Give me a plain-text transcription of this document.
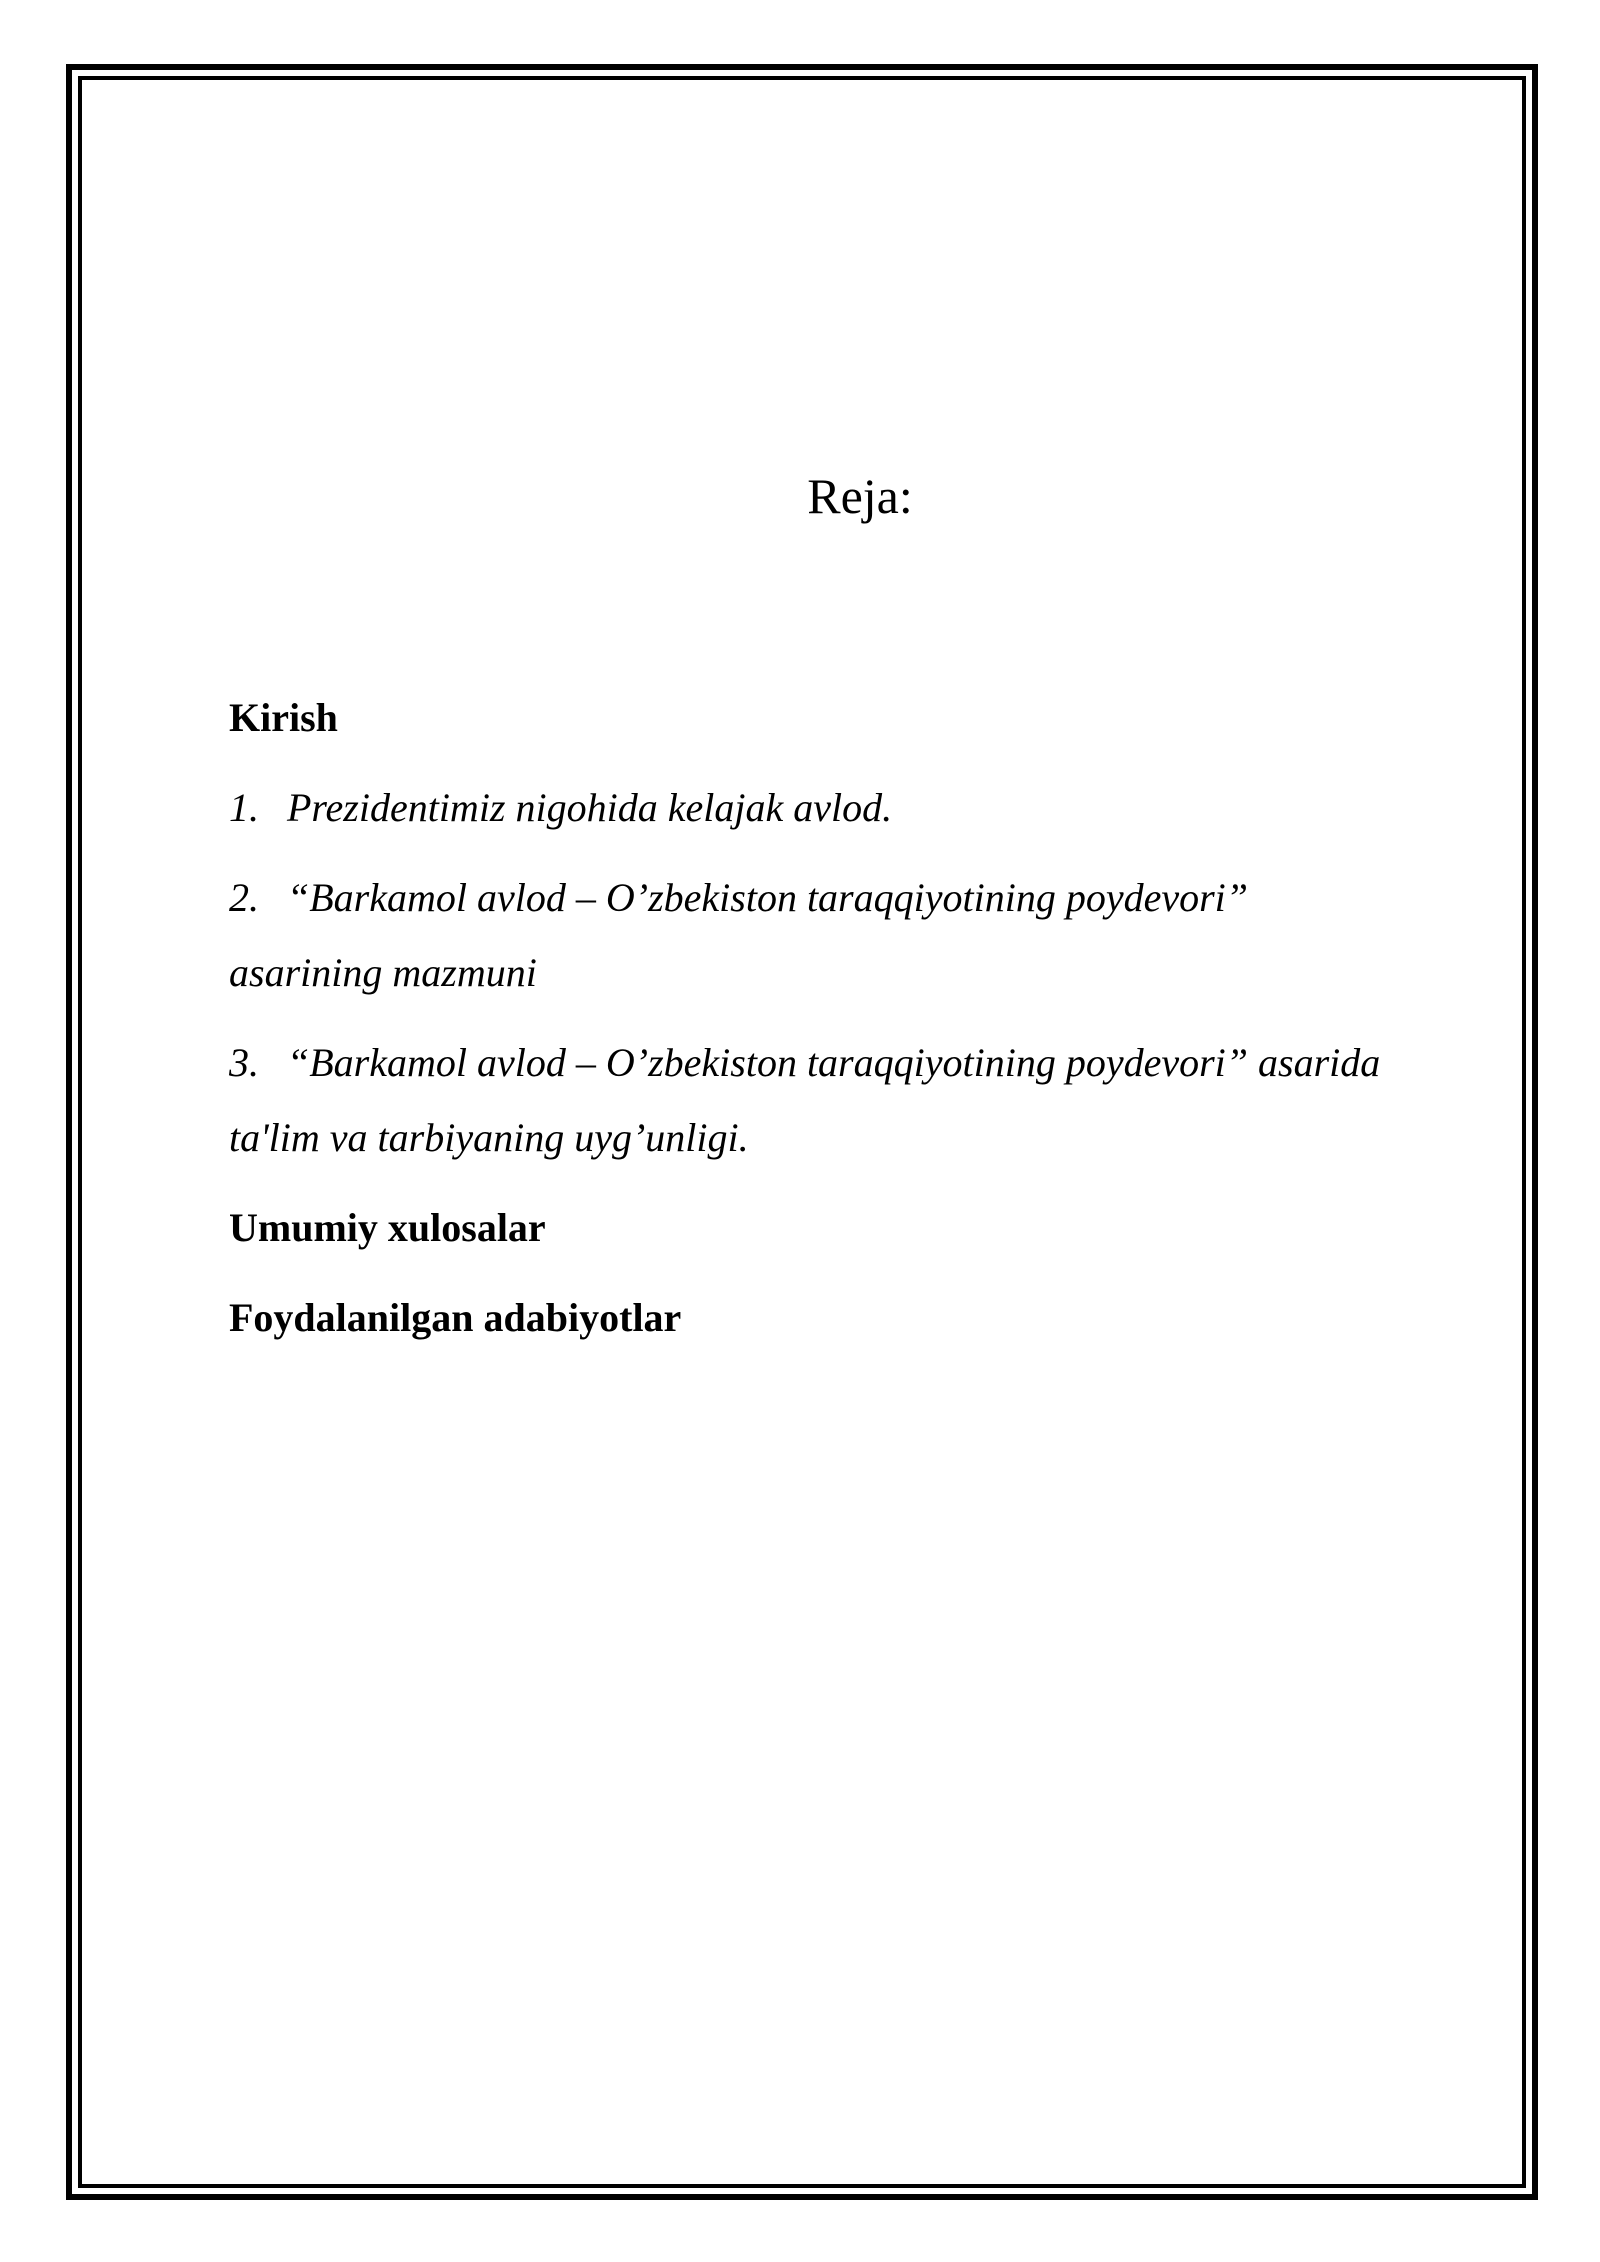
Reja:

Kirish

1. Prezidentimiz nigohida kelajak avlod.

2. “Barkamol avlod – O’zbekiston taraqqiyotining poydevori”

asarining mazmuni

3. “Barkamol avlod – O’zbekiston taraqqiyotining poydevori” asarida

ta'lim va tarbiyaning uyg’unligi.

Umumiy xulosalar

Foydalanilgan adabiyotlar
